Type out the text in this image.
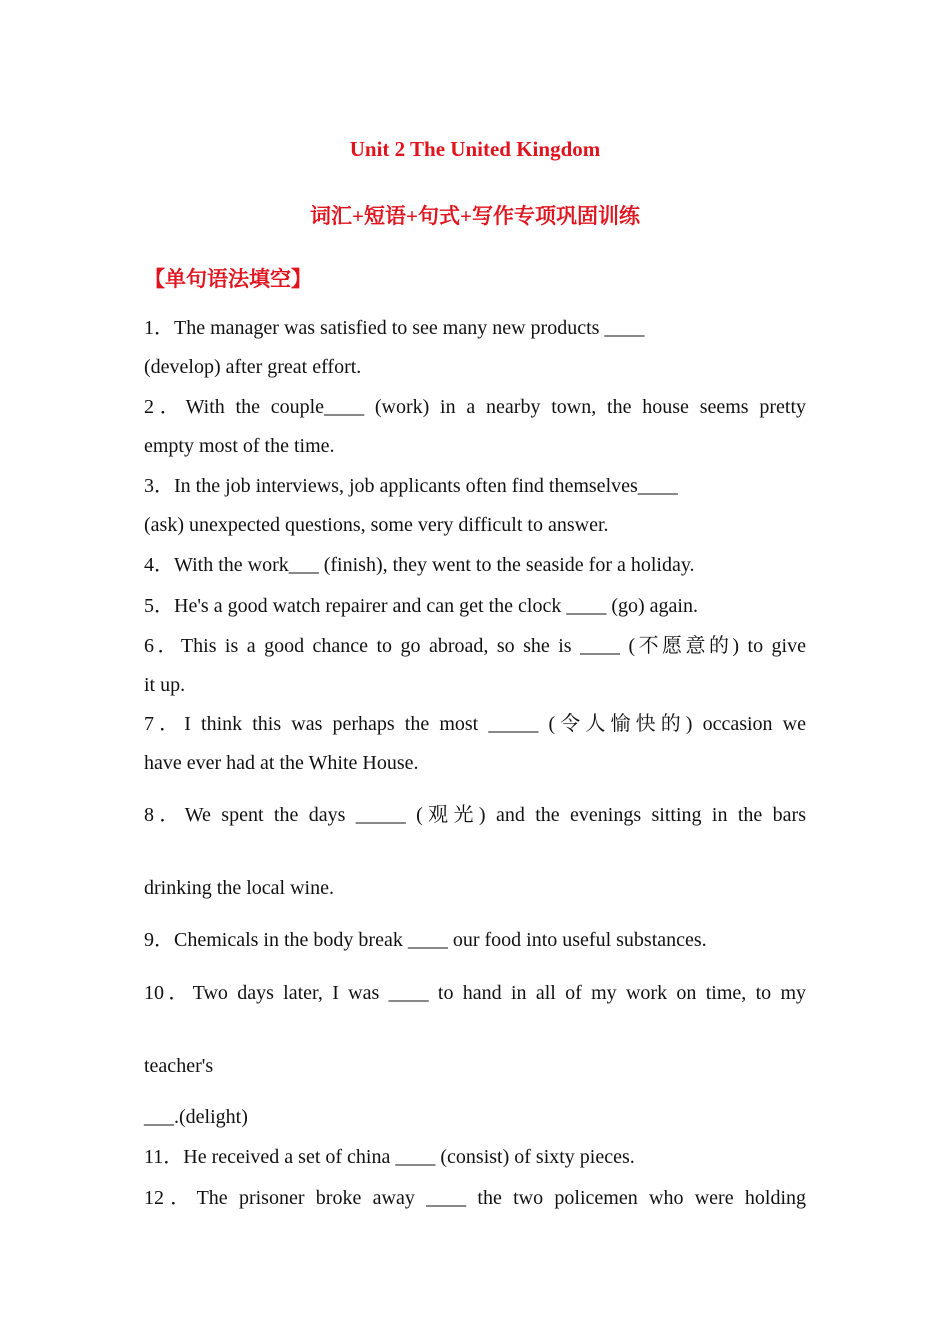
Unit 2 The United Kingdom
词汇+短语+句式+写作专项巩固训练
【单句语法填空】
1．The manager was satisfied to see many new products ____
(develop) after great effort.
2．With the couple____ (work) in a nearby town, the house seems pretty
empty most of the time.
3．In the job interviews, job applicants often find themselves____
(ask) unexpected questions, some very difficult to answer.
4．With the work___ (finish), they went to the seaside for a holiday.
5．He's a good watch repairer and can get the clock ____ (go) again.
6．This is a good chance to go abroad, so she is ____ (不愿意的) to give
it up.
7．I think this was perhaps the most _____ (令人愉快的) occasion we
have ever had at the White House.
8．We spent the days _____ (观光) and the evenings sitting in the bars
drinking the local wine.
9．Chemicals in the body break ____ our food into useful substances.
10．Two days later, I was ____ to hand in all of my work on time, to my
teacher's
___.(delight)
11．He received a set of china ____ (consist) of sixty pieces.
12．The prisoner broke away ____ the two policemen who were holding
